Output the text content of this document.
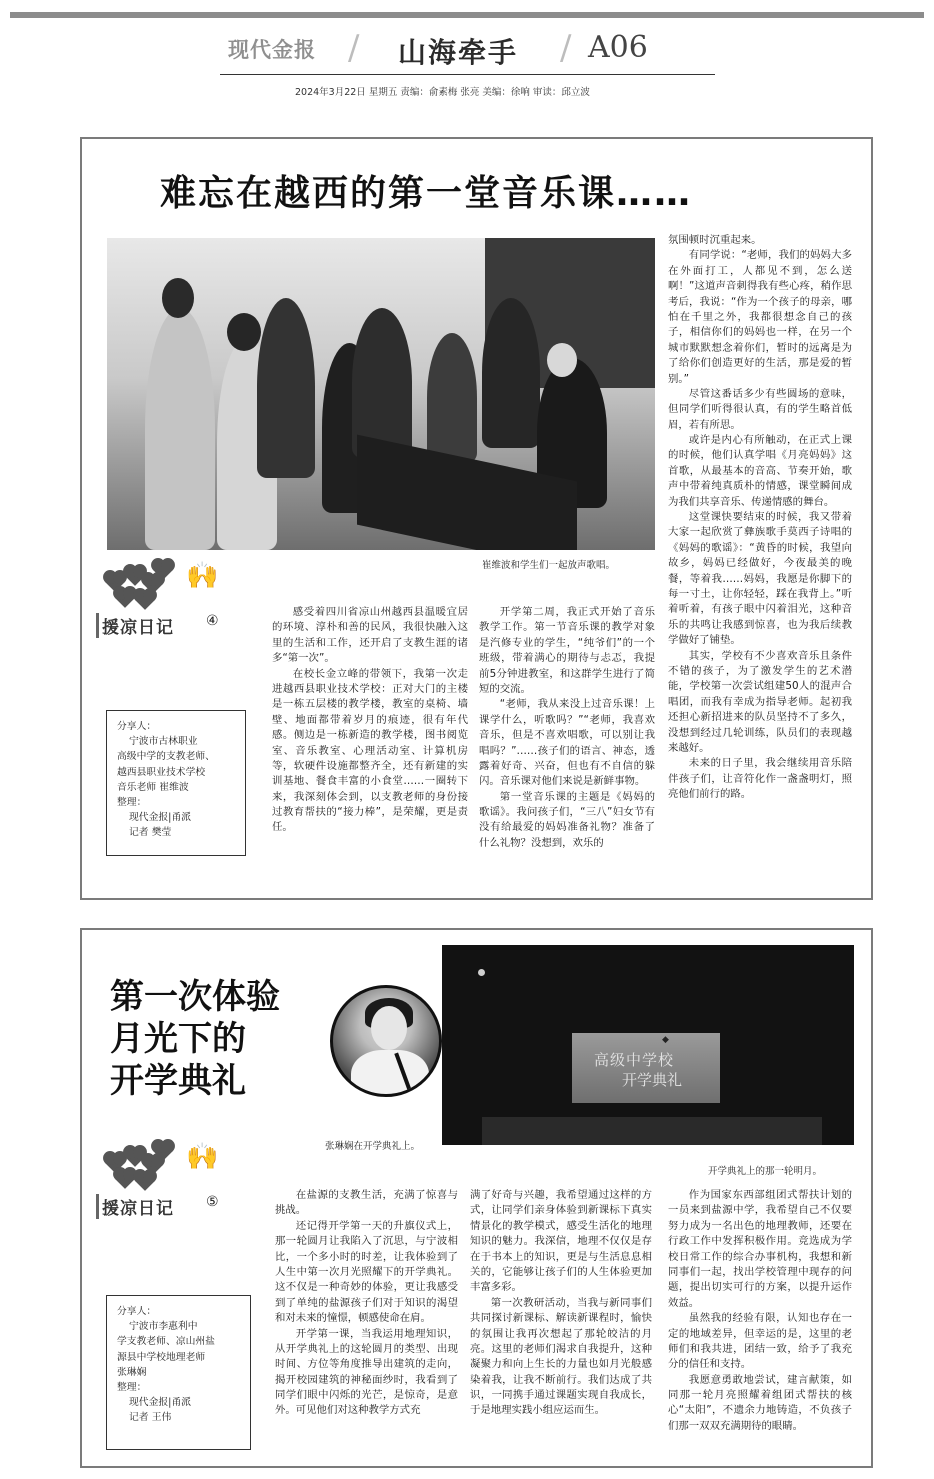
现代金报 / 山海牵手 / A06
2024年3月22日 星期五 责编：俞素梅 张亮 美编：徐响 审读：邱立波
难忘在越西的第一堂音乐课……
崔维波和学生们一起放声歌唱。
🙌
援凉日记 ④

分享人：

宁波市古林职业

高级中学的支教老师、

越西县职业技术学校

音乐老师 崔维波

整理：

现代金报|甬派

记者 樊莹

感受着四川省凉山州越西县温暖宜居的环境、淳朴和善的民风，我很快融入这里的生活和工作，还开启了支教生涯的诸多“第一次”。

在校长金立峰的带领下，我第一次走进越西县职业技术学校：正对大门的主楼是一栋五层楼的教学楼，教室的桌椅、墙壁、地面都带着岁月的痕迹，很有年代感。侧边是一栋新造的教学楼，图书阅览室、音乐教室、心理活动室、计算机房等，软硬件设施都整齐全，还有新建的实训基地、餐食丰富的小食堂……一圈转下来，我深刻体会到，以支教老师的身份接过教育帮扶的“接力棒”，是荣耀，更是责任。

开学第二周，我正式开始了音乐教学工作。第一节音乐课的教学对象是汽修专业的学生，“纯爷们”的一个班级，带着满心的期待与忐忑，我提前5分钟进教室，和这群学生进行了简短的交流。

“老师，我从来没上过音乐课！上课学什么，听歌吗？”“老师，我喜欢音乐，但是不喜欢唱歌，可以别让我唱吗？”……孩子们的语言、神态，透露着好奇、兴奋，但也有不自信的躲闪。音乐课对他们来说是新鲜事物。

第一堂音乐课的主题是《妈妈的歌谣》。我问孩子们，“三八”妇女节有没有给最爱的妈妈准备礼物？准备了什么礼物？没想到，欢乐的

氛围顿时沉重起来。

有同学说：“老师，我们的妈妈大多在外面打工，人都见不到，怎么送啊！”这道声音刺得我有些心疼，稍作思考后，我说：“作为一个孩子的母亲，哪怕在千里之外，我都很想念自己的孩子，相信你们的妈妈也一样，在另一个城市默默想念着你们，暂时的远离是为了给你们创造更好的生活，那是爱的暂别。”

尽管这番话多少有些圆场的意味，但同学们听得很认真，有的学生略首低眉，若有所思。

或许是内心有所触动，在正式上课的时候，他们认真学唱《月亮妈妈》这首歌，从最基本的音高、节奏开始，歌声中带着纯真质朴的情感，课堂瞬间成为我们共享音乐、传递情感的舞台。

这堂课快要结束的时候，我又带着大家一起欣赏了彝族歌手莫西子诗唱的《妈妈的歌谣》：“黄昏的时候，我望向故乡，妈妈已经做好，今夜最美的晚餐，等着我……妈妈，我愿是你脚下的每一寸土，让你轻轻，踩在我背上。”听着听着，有孩子眼中闪着泪光，这种音乐的共鸣让我感到惊喜，也为我后续教学做好了铺垫。

其实，学校有不少喜欢音乐且条件不错的孩子，为了激发学生的艺术潜能，学校第一次尝试组建50人的混声合唱团，而我有幸成为指导老师。起初我还担心新招进来的队员坚持不了多久，没想到经过几轮训练，队员们的表现越来越好。

未来的日子里，我会继续用音乐陪伴孩子们，让音符化作一盏盏明灯，照亮他们前行的路。

第一次体验
月光下的
开学典礼
◆
高级中学校
开学典礼
张琳娴在开学典礼上。
开学典礼上的那一轮明月。
🙌
援凉日记 ⑤

分享人：

宁波市李惠利中

学支教老师、凉山州盐

源县中学校地理老师

张琳娴

整理：

现代金报|甬派

记者 王伟

在盐源的支教生活，充满了惊喜与挑战。

还记得开学第一天的升旗仪式上，那一轮圆月让我陷入了沉思，与宁波相比，一个多小时的时差，让我体验到了人生中第一次月光照耀下的开学典礼。这不仅是一种奇妙的体验，更让我感受到了单纯的盐源孩子们对于知识的渴望和对未来的憧憬，顿感使命在肩。

开学第一课，当我运用地理知识，从开学典礼上的这轮圆月的类型、出现时间、方位等角度推导出建筑的走向，揭开校园建筑的神秘面纱时，我看到了同学们眼中闪烁的光芒，是惊奇，是意外。可见他们对这种教学方式充

满了好奇与兴趣，我希望通过这样的方式，让同学们亲身体验到新课标下真实情景化的教学模式，感受生活化的地理知识的魅力。我深信，地理不仅仅是存在于书本上的知识，更是与生活息息相关的，它能够让孩子们的人生体验更加丰富多彩。

第一次教研活动，当我与新同事们共同探讨新课标、解读新课程时，愉快的氛围让我再次想起了那轮皎洁的月亮。这里的老师们渴求自我提升，这种凝聚力和向上生长的力量也如月光般感染着我，让我不断前行。我们达成了共识，一同携手通过课题实现自我成长，于是地理实践小组应运而生。

作为国家东西部组团式帮扶计划的一员来到盐源中学，我希望自己不仅要努力成为一名出色的地理教师，还要在行政工作中发挥积极作用。竞选成为学校日常工作的综合办事机构，我想和新同事们一起，找出学校管理中现存的问题，提出切实可行的方案，以提升运作效益。

虽然我的经验有限，认知也存在一定的地域差异，但幸运的是，这里的老师们和我共进，团结一致，给予了我充分的信任和支持。

我愿意勇敢地尝试，建言献策，如同那一轮月亮照耀着组团式帮扶的核心“太阳”，不遗余力地铸造，不负孩子们那一双双充满期待的眼睛。
